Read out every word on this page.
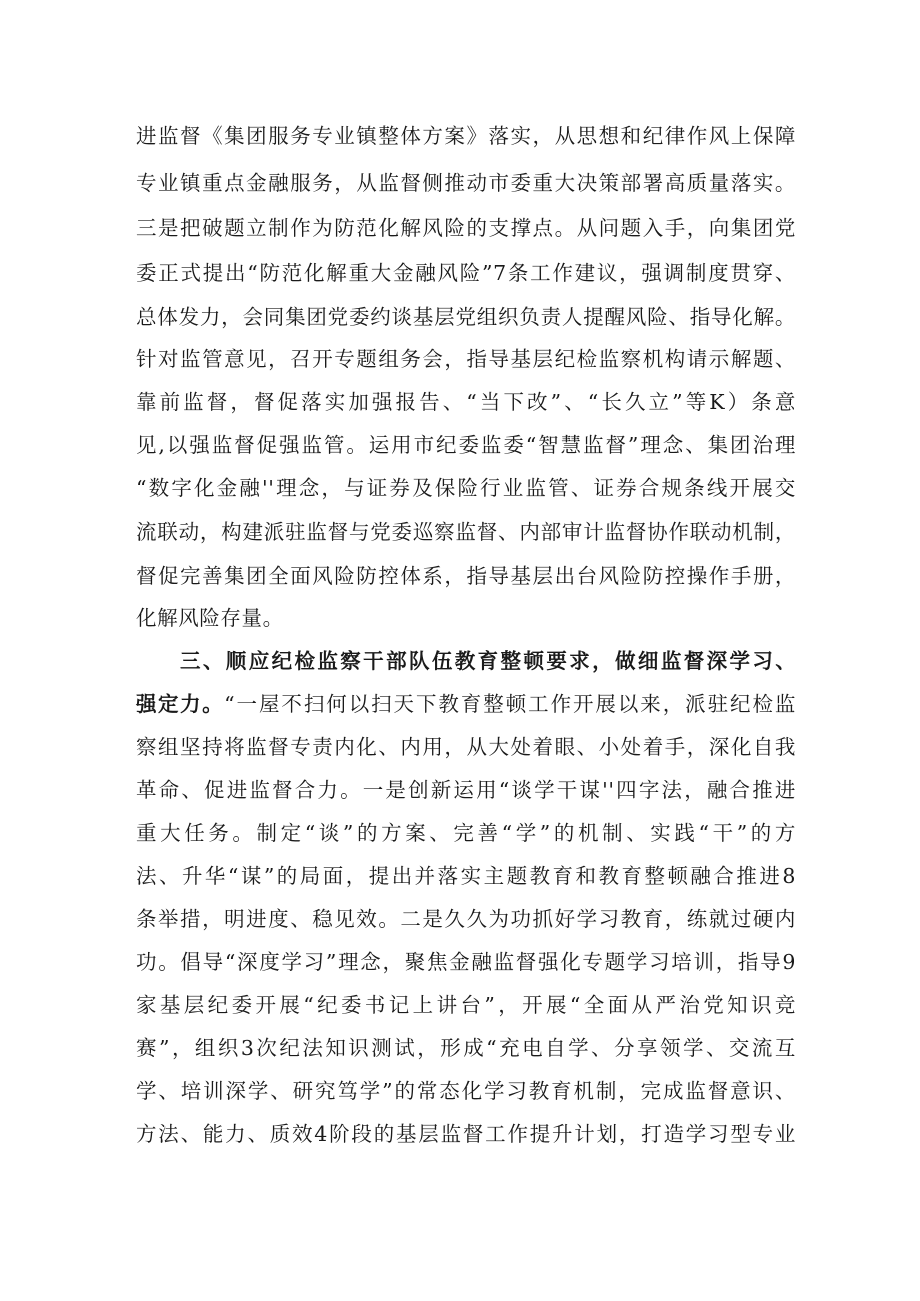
进监督《集团服务专业镇整体方案》落实，从思想和纪律作风上保障
专业镇重点金融服务，从监督侧推动市委重大决策部署高质量落实。
三是把破题立制作为防范化解风险的支撑点。从问题入手，向集团党
委正式提出“防范化解重大金融风险”7条工作建议，强调制度贯穿、
总体发力，会同集团党委约谈基层党组织负责人提醒风险、指导化解。
针对监管意见，召开专题组务会，指导基层纪检监察机构请示解题、
靠前监督，督促落实加强报告、“当下改”、“长久立”等K）条意
见,以强监督促强监管。运用市纪委监委“智慧监督”理念、集团治理
“数字化金融''理念，与证券及保险行业监管、证券合规条线开展交
流联动，构建派驻监督与党委巡察监督、内部审计监督协作联动机制，
督促完善集团全面风险防控体系，指导基层出台风险防控操作手册，
化解风险存量。
三、顺应纪检监察干部队伍教育整顿要求，做细监督深学习、
强定力。“一屋不扫何以扫天下教育整顿工作开展以来，派驻纪检监
察组坚持将监督专责内化、内用，从大处着眼、小处着手，深化自我
革命、促进监督合力。一是创新运用“谈学干谋''四字法，融合推进
重大任务。制定“谈”的方案、完善“学”的机制、实践“干”的方
法、升华“谋”的局面，提出并落实主题教育和教育整顿融合推进8
条举措，明进度、稳见效。二是久久为功抓好学习教育，练就过硬内
功。倡导“深度学习”理念，聚焦金融监督强化专题学习培训，指导9
家基层纪委开展“纪委书记上讲台”，开展“全面从严治党知识竞
赛”，组织3次纪法知识测试，形成“充电自学、分享领学、交流互
学、培训深学、研究笃学”的常态化学习教育机制，完成监督意识、
方法、能力、质效4阶段的基层监督工作提升计划，打造学习型专业
